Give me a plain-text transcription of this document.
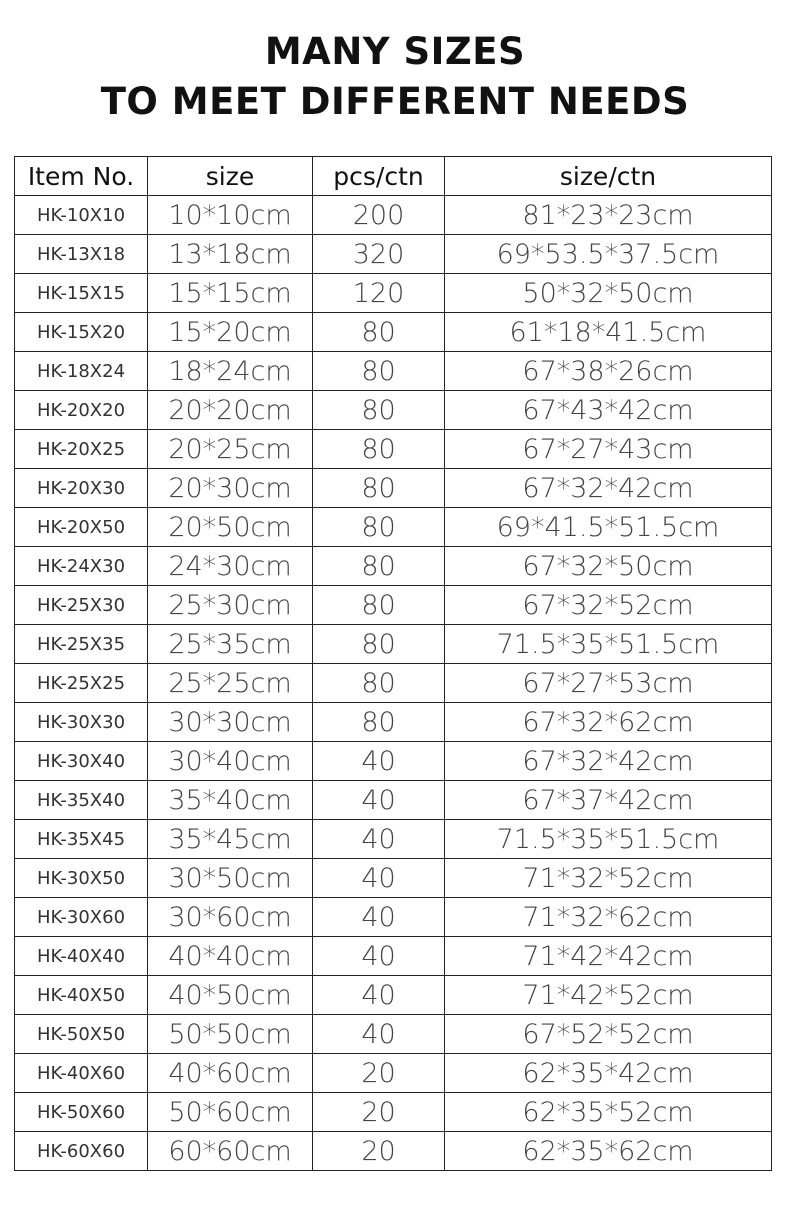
MANY SIZES
TO MEET DIFFERENT NEEDS
Item No.	size	pcs/ctn	size/ctn
HK-10X10	10*10cm	200	81*23*23cm
HK-13X18	13*18cm	320	69*53.5*37.5cm
HK-15X15	15*15cm	120	50*32*50cm
HK-15X20	15*20cm	80	61*18*41.5cm
HK-18X24	18*24cm	80	67*38*26cm
HK-20X20	20*20cm	80	67*43*42cm
HK-20X25	20*25cm	80	67*27*43cm
HK-20X30	20*30cm	80	67*32*42cm
HK-20X50	20*50cm	80	69*41.5*51.5cm
HK-24X30	24*30cm	80	67*32*50cm
HK-25X30	25*30cm	80	67*32*52cm
HK-25X35	25*35cm	80	71.5*35*51.5cm
HK-25X25	25*25cm	80	67*27*53cm
HK-30X30	30*30cm	80	67*32*62cm
HK-30X40	30*40cm	40	67*32*42cm
HK-35X40	35*40cm	40	67*37*42cm
HK-35X45	35*45cm	40	71.5*35*51.5cm
HK-30X50	30*50cm	40	71*32*52cm
HK-30X60	30*60cm	40	71*32*62cm
HK-40X40	40*40cm	40	71*42*42cm
HK-40X50	40*50cm	40	71*42*52cm
HK-50X50	50*50cm	40	67*52*52cm
HK-40X60	40*60cm	20	62*35*42cm
HK-50X60	50*60cm	20	62*35*52cm
HK-60X60	60*60cm	20	62*35*62cm
